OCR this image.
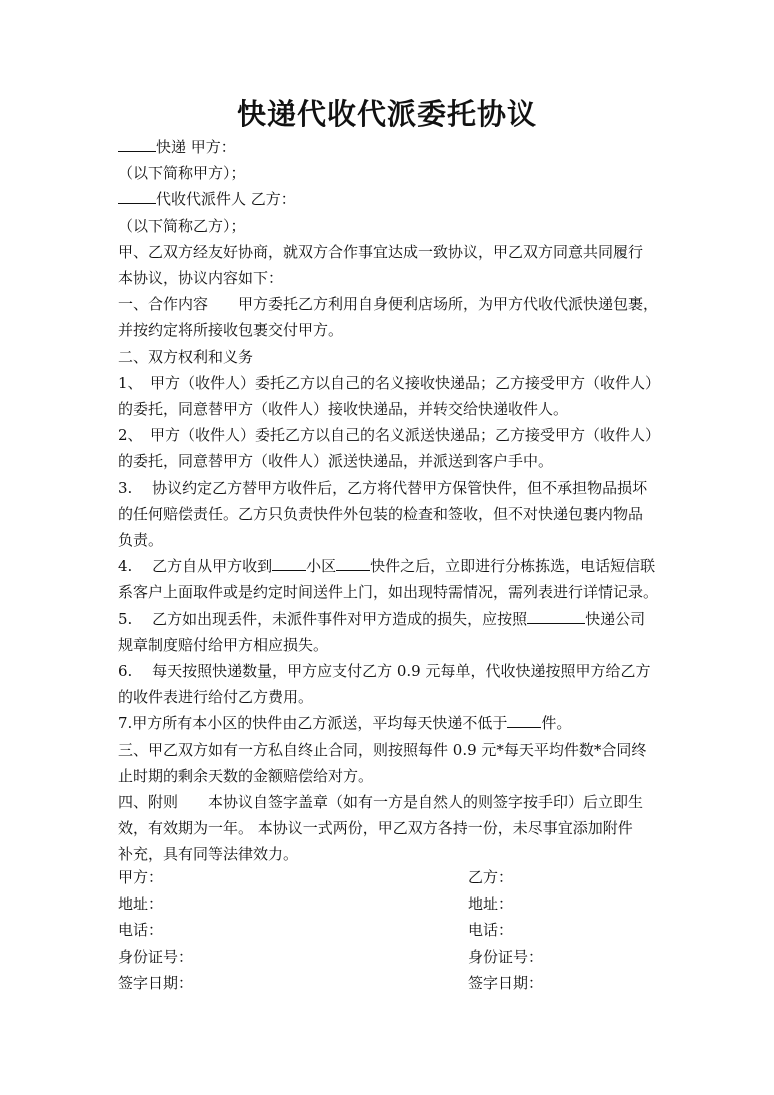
快递代收代派委托协议
快递 甲方：
（以下简称甲方）；
代收代派件人 乙方：
（以下简称乙方）；
甲、乙双方经友好协商，就双方合作事宜达成一致协议，甲乙双方同意共同履行
本协议，协议内容如下：
一、合作内容　　甲方委托乙方利用自身便利店场所，为甲方代收代派快递包裹，
并按约定将所接收包裹交付甲方。
二、双方权利和义务
1、　甲方（收件人）委托乙方以自己的名义接收快递品；乙方接受甲方（收件人）
的委托，同意替甲方（收件人）接收快递品，并转交给快递收件人。
2、　甲方（收件人）委托乙方以自己的名义派送快递品；乙方接受甲方（收件人）
的委托，同意替甲方（收件人）派送快递品，并派送到客户手中。
3.　 协议约定乙方替甲方收件后，乙方将代替甲方保管快件，但不承担物品损坏
的任何赔偿责任。乙方只负责快件外包装的检查和签收，但不对快递包裹内物品
负责。
4.　 乙方自从甲方收到 小区 快件之后，立即进行分栋拣选，电话短信联
系客户上面取件或是约定时间送件上门，如出现特需情况，需列表进行详情记录。
5.　 乙方如出现丢件，未派件事件对甲方造成的损失，应按照	快递公司
规章制度赔付给甲方相应损失。
6.　 每天按照快递数量，甲方应支付乙方 0.9 元每单，代收快递按照甲方给乙方
的收件表进行给付乙方费用。
7.甲方所有本小区的快件由乙方派送，平均每天快递不低于 件。
三、甲乙双方如有一方私自终止合同，则按照每件 0.9 元*每天平均件数*合同终
止时期的剩余天数的金额赔偿给对方。
四、附则　　本协议自签字盖章（如有一方是自然人的则签字按手印）后立即生
效，有效期为一年。 本协议一式两份，甲乙双方各持一份，未尽事宜添加附件
补充，具有同等法律效力。
甲方：	乙方：
地址：	地址：
电话：	电话：
身份证号：	身份证号：
签字日期：	签字日期：
